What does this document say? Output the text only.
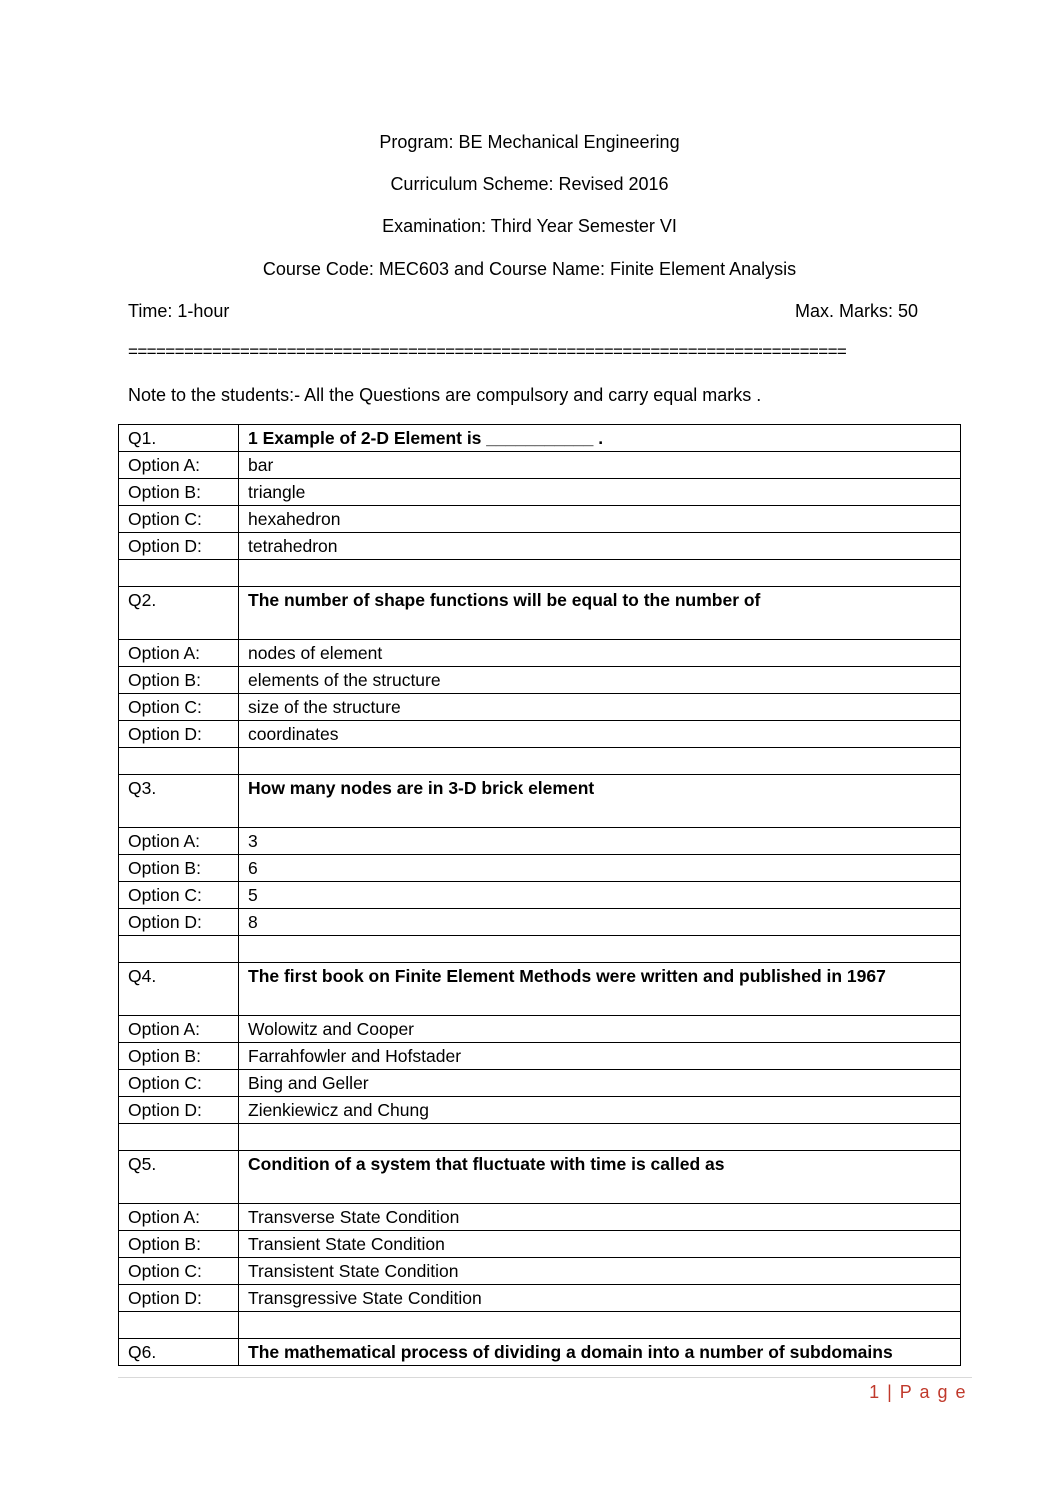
Program: BE Mechanical Engineering
Curriculum Scheme: Revised 2016
Examination: Third Year Semester VI
Course Code: MEC603 and Course Name: Finite Element Analysis
Time: 1-hour	Max. Marks: 50
=============================================================================
Note to the students:- All the Questions are compulsory and carry equal marks .
Q1.	1 Example of 2-D Element is ___________ .
Option A:	bar
Option B:	triangle
Option C:	hexahedron
Option D:	tetrahedron

Q2.	The number of shape functions will be equal to the number of
Option A:	nodes of element
Option B:	elements of the structure
Option C:	size of the structure
Option D:	coordinates

Q3.	How many nodes are in 3-D brick element
Option A:	3
Option B:	6
Option C:	5
Option D:	8

Q4.	The first book on Finite Element Methods were written and published in 1967
Option A:	Wolowitz and Cooper
Option B:	Farrahfowler and Hofstader
Option C:	Bing and Geller
Option D:	Zienkiewicz and Chung

Q5.	Condition of a system that fluctuate with time is called as
Option A:	Transverse State Condition
Option B:	Transient State Condition
Option C:	Transistent State Condition
Option D:	Transgressive State Condition

Q6.	The mathematical process of dividing a domain into a number of subdomains
1 | P a g e
